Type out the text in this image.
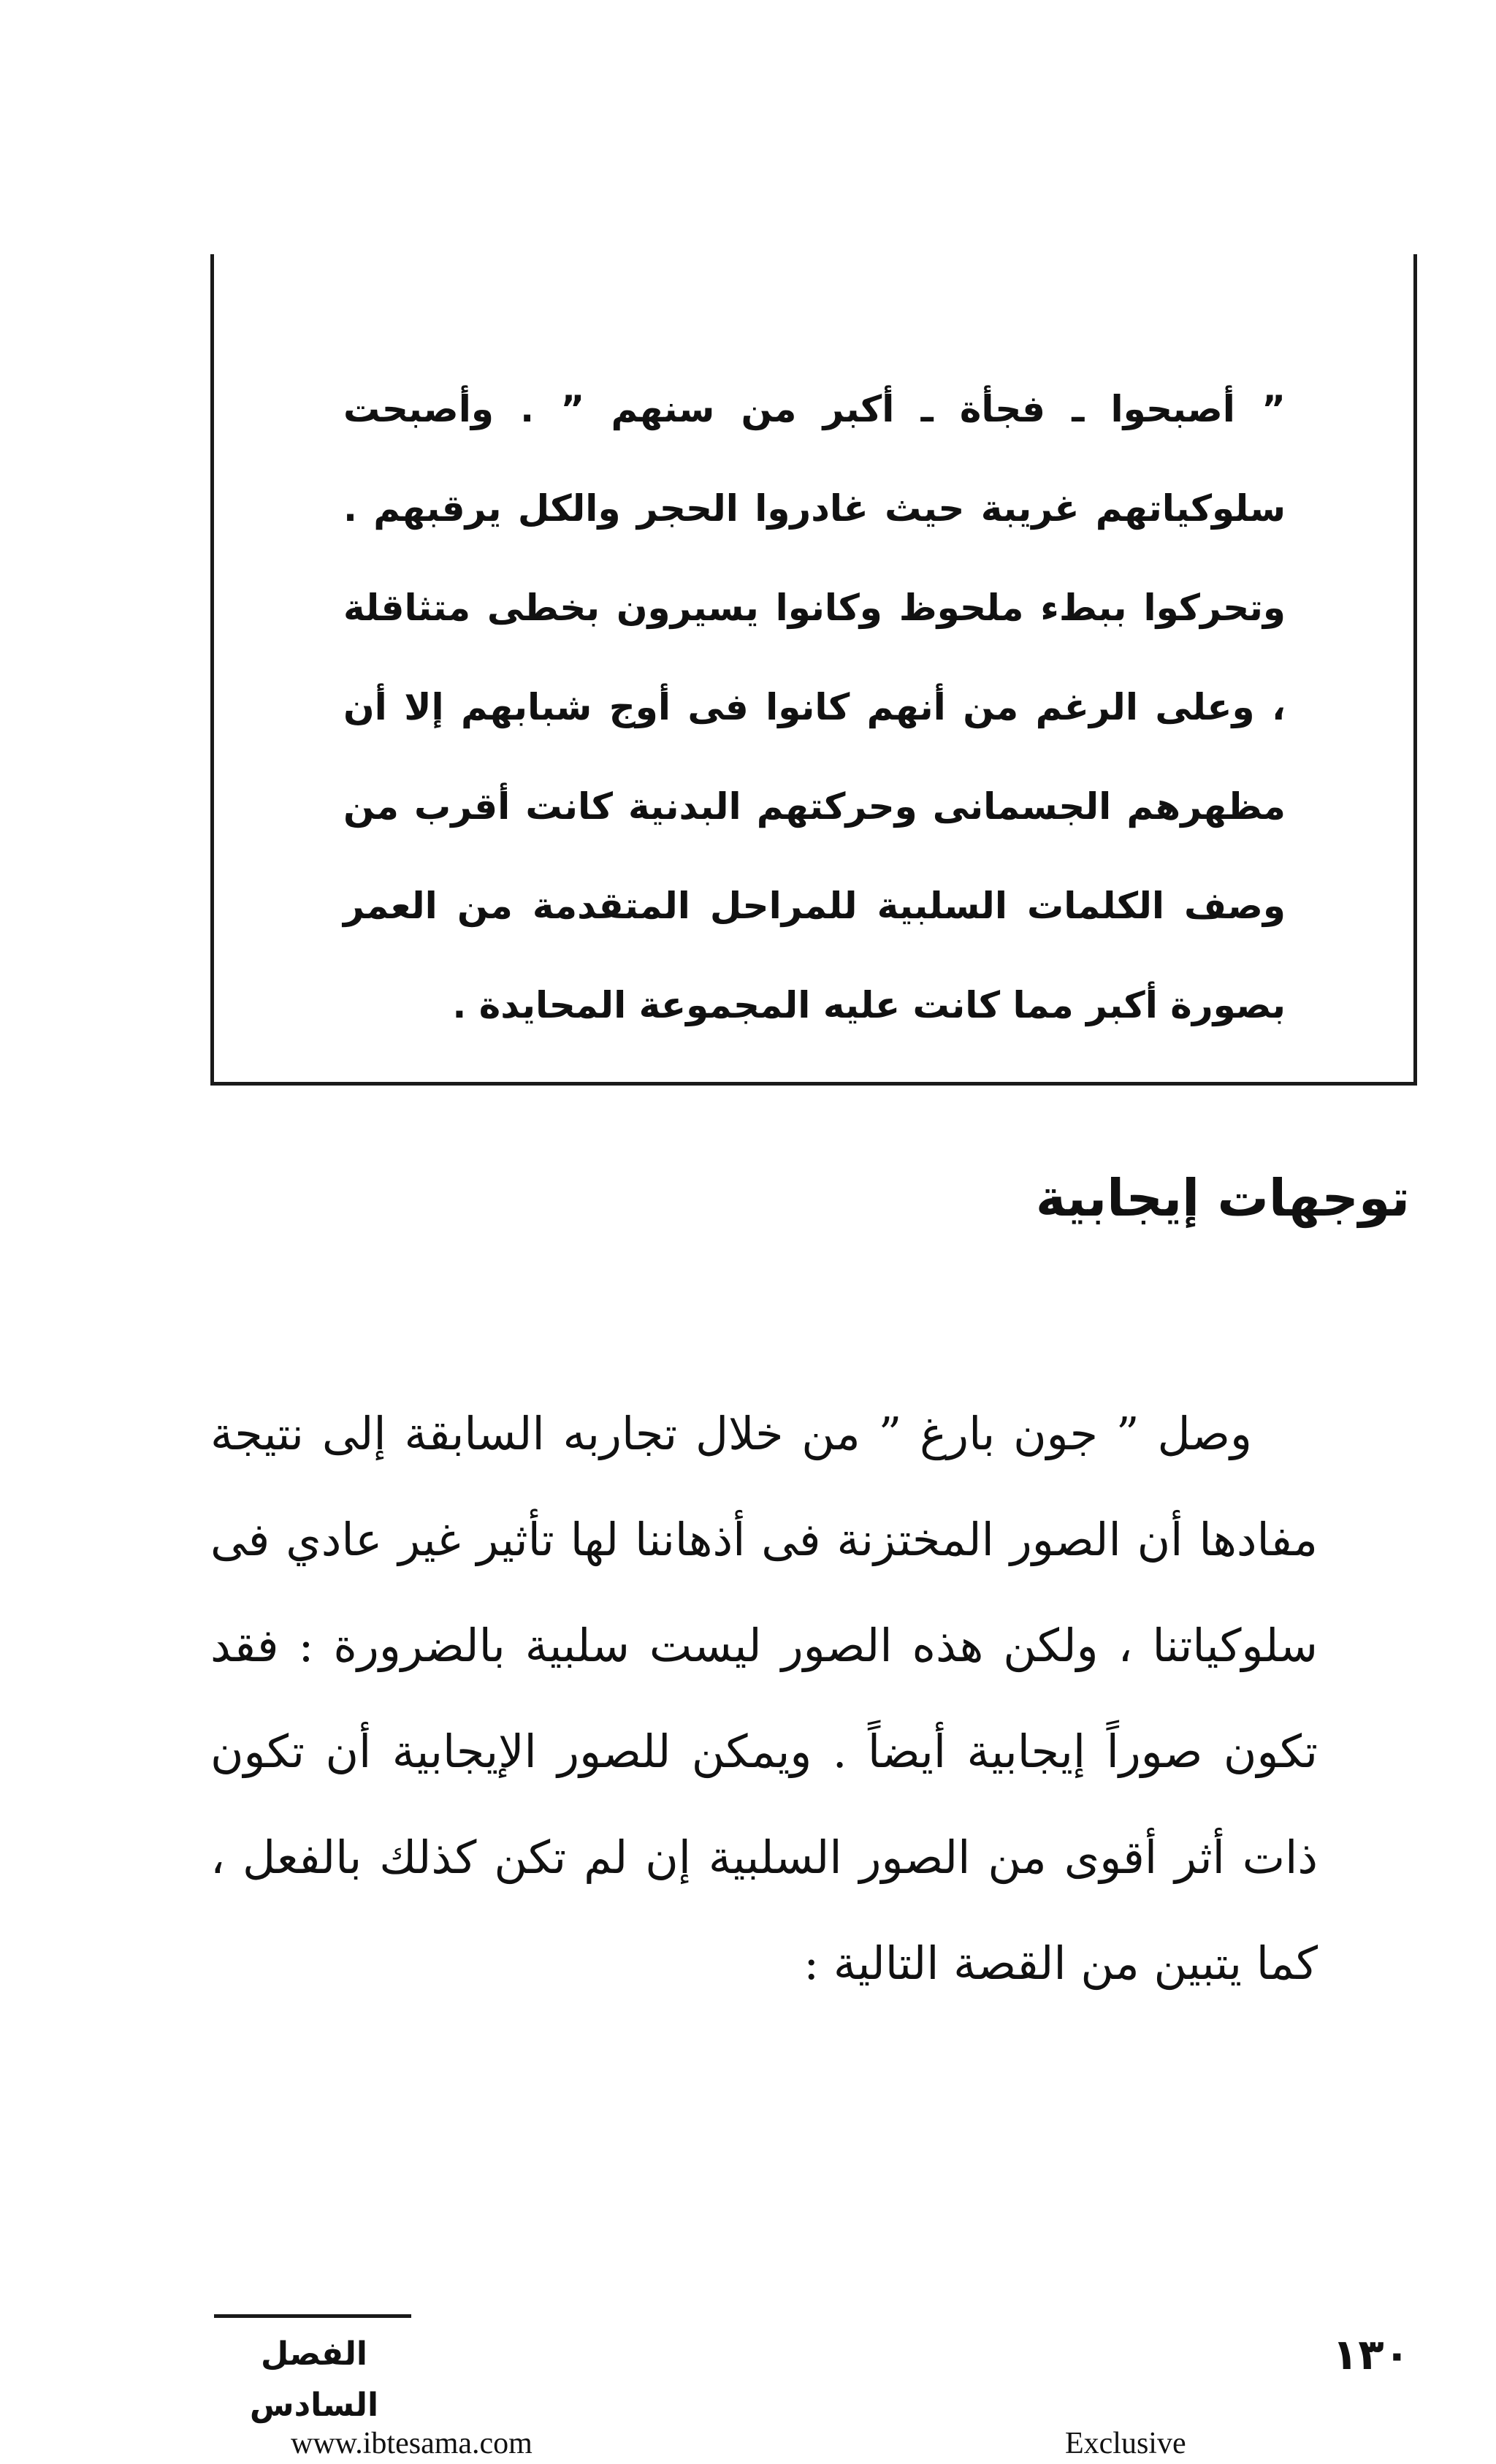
” أصبحوا ـ فجأة ـ أكبر من سنهم ” . وأصبحت سلوكياتهم غريبة حيث غادروا الحجر والكل يرقبهم . وتحركوا ببطء ملحوظ وكانوا يسيرون بخطى متثاقلة ، وعلى الرغم من أنهم كانوا فى أوج شبابهم إلا أن مظهرهم الجسمانى وحركتهم البدنية كانت أقرب من وصف الكلمات السلبية للمراحل المتقدمة من العمر بصورة أكبر مما كانت عليه المجموعة المحايدة .

توجهات إيجابية

وصل ” جون بارغ ” من خلال تجاربه السابقة إلى نتيجة مفادها أن الصور المختزنة فى أذهاننا لها تأثير غير عادي فى سلوكياتنا ، ولكن هذه الصور ليست سلبية بالضرورة : فقد تكون صوراً إيجابية أيضاً . ويمكن للصور الإيجابية أن تكون ذات أثر أقوى من الصور السلبية إن لم تكن كذلك بالفعل ، كما يتبين من القصة التالية :

الفصل السادس

١٣٠

www.ibtesama.com	Exclusive
